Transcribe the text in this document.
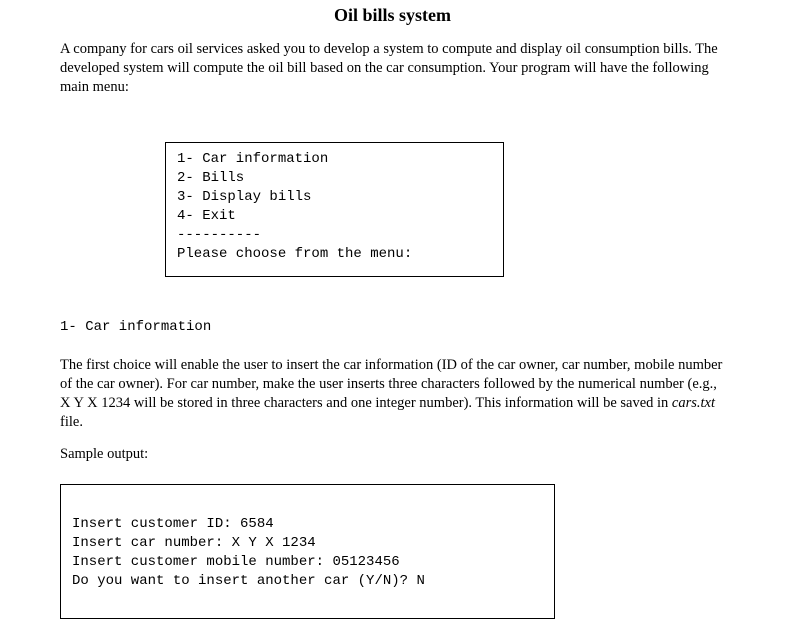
Oil bills system
A company for cars oil services asked you to develop a system to compute and display oil consumption bills. The developed system will compute the oil bill based on the car consumption. Your program will have the following main menu:
1- Car information
2- Bills
3- Display bills
4- Exit
----------
Please choose from the menu:
1- Car information
The first choice will enable the user to insert the car information (ID of the car owner, car number, mobile number of the car owner). For car number, make the user inserts three characters followed by the numerical number (e.g., X Y X 1234 will be stored in three characters and one integer number). This information will be saved in cars.txt file.
Sample output:
Insert customer ID: 6584
Insert car number: X Y X 1234
Insert customer mobile number: 05123456
Do you want to insert another car (Y/N)? N
